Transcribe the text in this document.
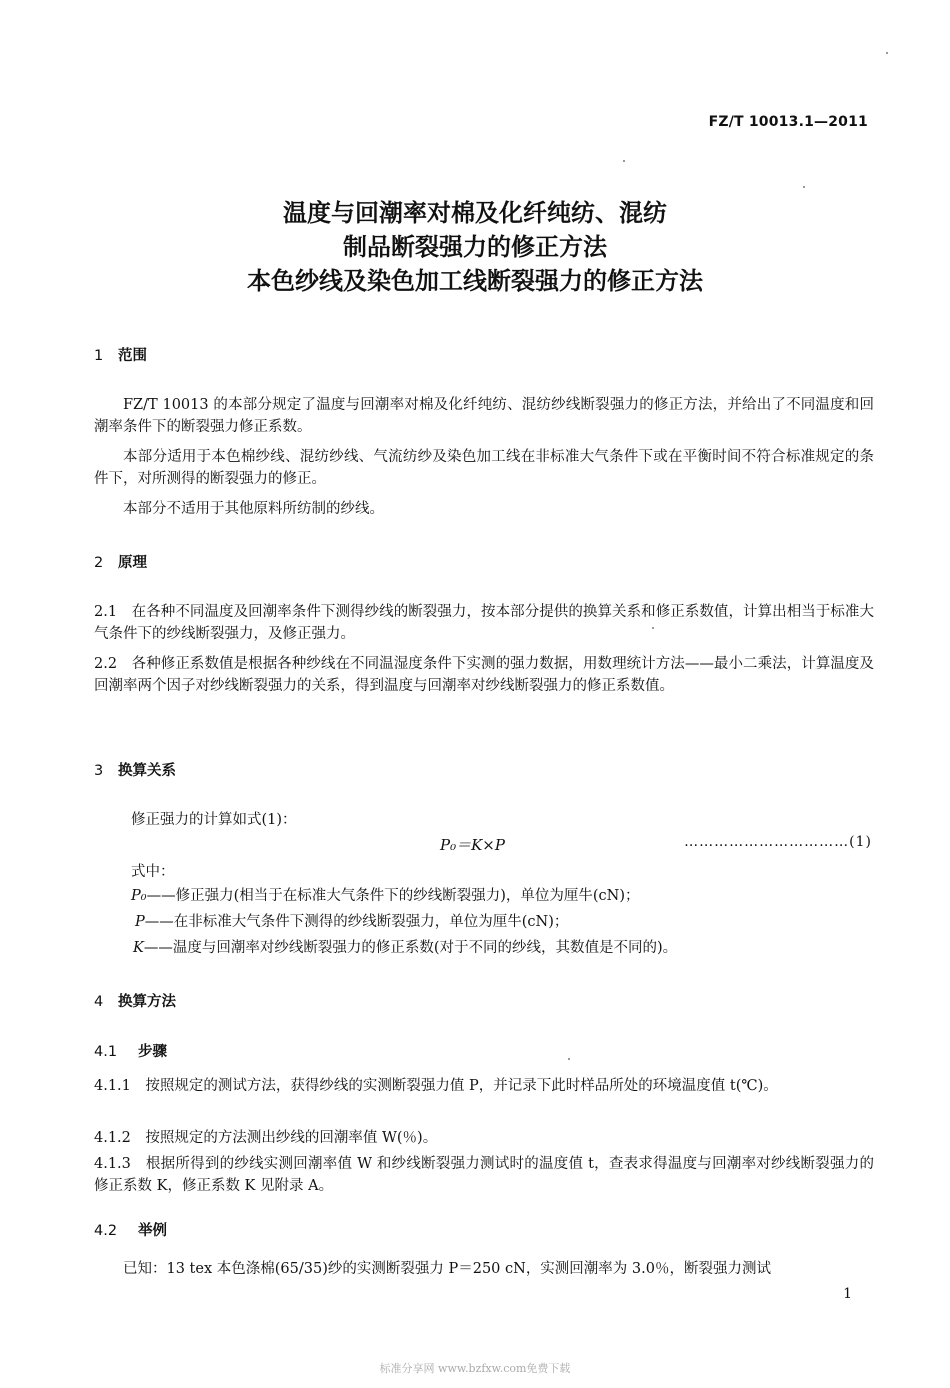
FZ/T 10013.1—2011
温度与回潮率对棉及化纤纯纺、混纺
制品断裂强力的修正方法
本色纱线及染色加工线断裂强力的修正方法
1 范围
FZ/T 10013 的本部分规定了温度与回潮率对棉及化纤纯纺、混纺纱线断裂强力的修正方法，并给出了不同温度和回潮率条件下的断裂强力修正系数。
本部分适用于本色棉纱线、混纺纱线、气流纺纱及染色加工线在非标准大气条件下或在平衡时间不符合标准规定的条件下，对所测得的断裂强力的修正。
本部分不适用于其他原料所纺制的纱线。
2 原理
2.1　在各种不同温度及回潮率条件下测得纱线的断裂强力，按本部分提供的换算关系和修正系数值，计算出相当于标准大气条件下的纱线断裂强力，及修正强力。
2.2　各种修正系数值是根据各种纱线在不同温湿度条件下实测的强力数据，用数理统计方法——最小二乘法，计算温度及回潮率两个因子对纱线断裂强力的关系，得到温度与回潮率对纱线断裂强力的修正系数值。
3 换算关系
修正强力的计算如式(1)：
P₀＝K×P	……………………………(1)
式中：
P₀——修正强力(相当于在标准大气条件下的纱线断裂强力)，单位为厘牛(cN)；
P——在非标准大气条件下测得的纱线断裂强力，单位为厘牛(cN)；
K——温度与回潮率对纱线断裂强力的修正系数(对于不同的纱线，其数值是不同的)。
4 换算方法
4.1 步骤
4.1.1　按照规定的测试方法，获得纱线的实测断裂强力值 P，并记录下此时样品所处的环境温度值 t(℃)。
4.1.2　按照规定的方法测出纱线的回潮率值 W(％)。
4.1.3　根据所得到的纱线实测回潮率值 W 和纱线断裂强力测试时的温度值 t，查表求得温度与回潮率对纱线断裂强力的修正系数 K，修正系数 K 见附录 A。
4.2 举例
已知：13 tex 本色涤棉(65/35)纱的实测断裂强力 P＝250 cN，实测回潮率为 3.0％，断裂强力测试
1
标准分享网 www.bzfxw.com免费下载
